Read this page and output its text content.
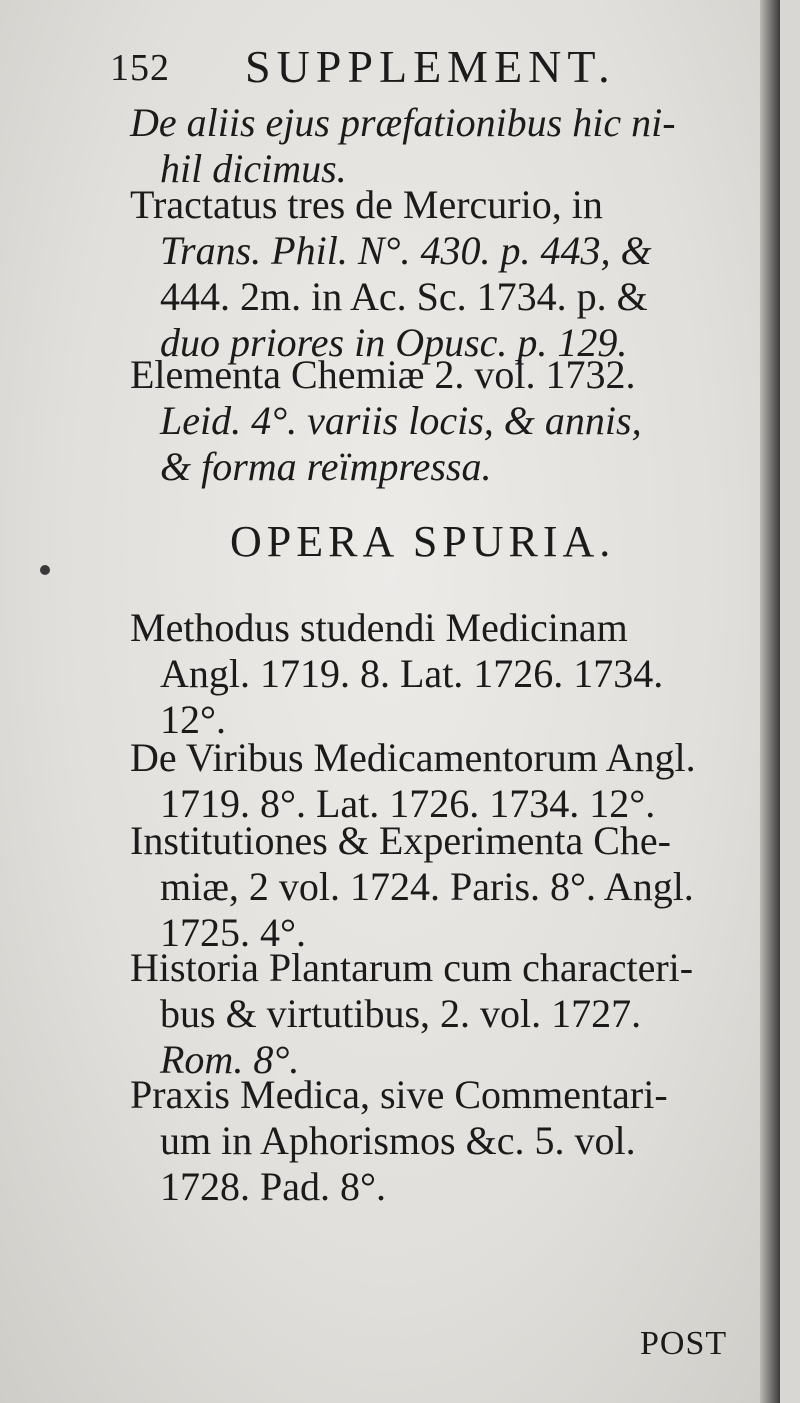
152 SUPPLEMENT.
De aliis ejus præfationibus hic ni-
hil dicimus.
Tractatus tres de Mercurio, in
Trans. Phil. N°. 430. p. 443, &
444. 2m. in Ac. Sc. 1734. p. &
duo priores in Opusc. p. 129.
Elementa Chemiæ 2. vol. 1732.
Leid. 4°. variis locis, & annis,
& forma reïmpressa.
OPERA SPURIA.
Methodus studendi Medicinam
Angl. 1719. 8. Lat. 1726. 1734.
12°.
De Viribus Medicamentorum Angl.
1719. 8°. Lat. 1726. 1734. 12°.
Institutiones & Experimenta Che-
miæ, 2 vol. 1724. Paris. 8°. Angl.
1725. 4°.
Historia Plantarum cum characteri-
bus & virtutibus, 2. vol. 1727.
Rom. 8°.
Praxis Medica, sive Commentari-
um in Aphorismos &c. 5. vol.
1728. Pad. 8°.
POST
